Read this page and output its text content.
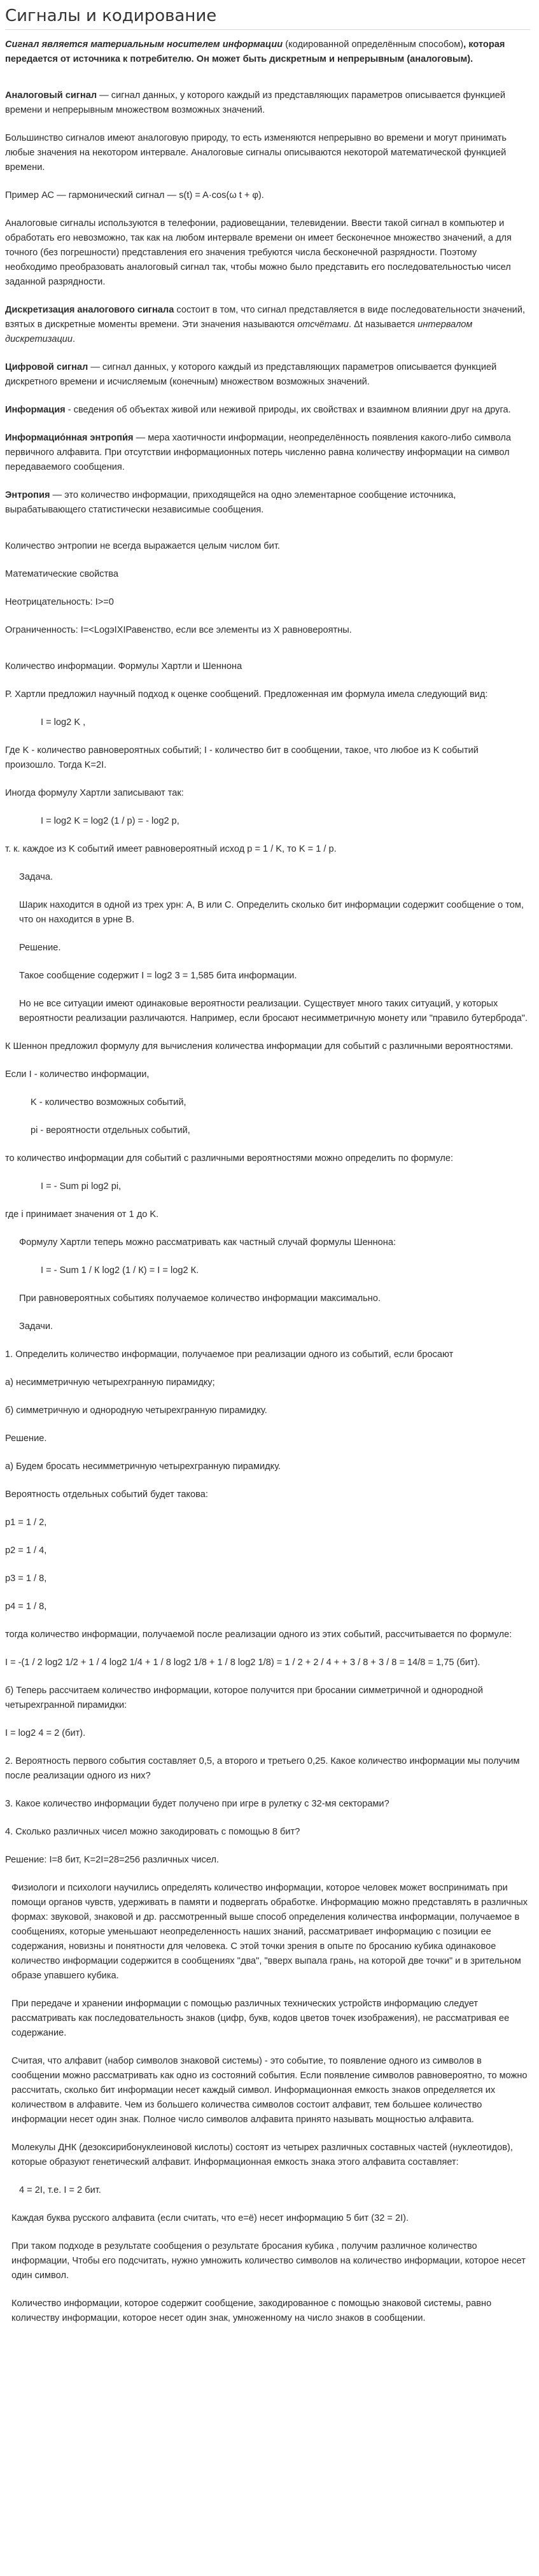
Сигналы и кодирование

Сигнал является материальным носителем информации (кодированной определённым способом), которая передается от источника к потребителю. Он может быть дискретным и непрерывным (аналоговым).

Аналоговый сигнал — сигнал данных, у которого каждый из представляющих параметров описывается функцией времени и непрерывным множеством возможных значений.

Большинство сигналов имеют аналоговую природу, то есть изменяются непрерывно во времени и могут принимать любые значения на некотором интервале. Аналоговые сигналы описываются некоторой математической функцией времени.

Пример АС — гармонический сигнал — s(t) = A·cos(ω t + φ).

Аналоговые сигналы используются в телефонии, радиовещании, телевидении. Ввести такой сигнал в компьютер и обработать его невозможно, так как на любом интервале времени он имеет бесконечное множество значений, а для точного (без погрешности) представления его значения требуются числа бесконечной разрядности. Поэтому необходимо преобразовать аналоговый сигнал так, чтобы можно было представить его последовательностью чисел заданной разрядности.

Дискретизация аналогового сигнала состоит в том, что сигнал представляется в виде последовательности значений, взятых в дискретные моменты времени. Эти значения называются отсчётами. Δt называется интервалом дискретизации.

Цифровой сигнал — сигнал данных, у которого каждый из представляющих параметров описывается функцией дискретного времени и исчисляемым (конечным) множеством возможных значений.

Информация - сведения об объектах живой или неживой природы, их свойствах и взаимном влиянии друг на друга.

Информацио́нная энтропи́я — мера хаотичности информации, неопределённость появления какого-либо символа первичного алфавита. При отсутствии информационных потерь численно равна количеству информации на символ передаваемого сообщения.

Энтропия — это количество информации, приходящейся на одно элементарное сообщение источника, вырабатывающего статистически независимые сообщения.

Количество энтропии не всегда выражается целым числом бит.

Математические свойства

Неотрицательность: I>=0

Ограниченность: I=<LogэIXIРавенство, если все элементы из X равновероятны.

Количество информации. Формулы Хартли и Шеннона

Р. Хартли предложил научный подход к оценке сообщений. Предложенная им формула имела следующий вид:

I = log2 K ,

Где K - количество равновероятных событий; I - количество бит в сообщении, такое, что любое из K событий произошло. Тогда K=2I.

Иногда формулу Хартли записывают так:

I = log2 K = log2 (1 / р) = - log2 р,

т. к. каждое из K событий имеет равновероятный исход р = 1 / K, то K = 1 / р.

Задача.

Шарик находится в одной из трех урн: А, В или С. Определить сколько бит информации содержит сообщение о том, что он находится в урне В.

Решение.

Такое сообщение содержит I = log2 3 = 1,585 бита информации.

Но не все ситуации имеют одинаковые вероятности реализации. Существует много таких ситуаций, у которых вероятности реализации различаются. Например, если бросают несимметричную монету или "правило бутерброда".

К Шеннон предложил формулу для вычисления количества информации для событий с различными вероятностями.

Если I - количество информации,

K - количество возможных событий,

рi - вероятности отдельных событий,

то количество информации для событий с различными вероятностями можно определить по формуле:

I = - Sum рi log2 рi,

где i принимает значения от 1 до K.

Формулу Хартли теперь можно рассматривать как частный случай формулы Шеннона:

I = - Sum 1 / К log2 (1 / К) = I = log2 К.

При равновероятных событиях получаемое количество информации максимально.

Задачи.

1. Определить количество информации, получаемое при реализации одного из событий, если бросают

а) несимметричную четырехгранную пирамидку;

б) симметричную и однородную четырехгранную пирамидку.

Решение.

а) Будем бросать несимметричную четырехгранную пирамидку.

Вероятность отдельных событий будет такова:

р1 = 1 / 2,

р2 = 1 / 4,

р3 = 1 / 8,

р4 = 1 / 8,

тогда количество информации, получаемой после реализации одного из этих событий, рассчитывается по формуле:

I = -(1 / 2 log2 1/2 + 1 / 4 log2 1/4 + 1 / 8 log2 1/8 + 1 / 8 log2 1/8) = 1 / 2 + 2 / 4 + + 3 / 8 + 3 / 8 = 14/8 = 1,75 (бит).

б) Теперь рассчитаем количество информации, которое получится при бросании симметричной и однородной четырехгранной пирамидки:

I = log2 4 = 2 (бит).

2. Вероятность первого события составляет 0,5, а второго и третьего 0,25. Какое количество информации мы получим после реализации одного из них?

3. Какое количество информации будет получено при игре в рулетку с 32-мя секторами?

4. Сколько различных чисел можно закодировать с помощью 8 бит?

Решение: I=8 бит, K=2I=28=256 различных чисел.

Физиологи и психологи научились определять количество информации, которое человек может воспринимать при помощи органов чувств, удерживать в памяти и подвергать обработке. Информацию можно представлять в различных формах: звуковой, знаковой и др. рассмотренный выше способ определения количества информации, получаемое в сообщениях, которые уменьшают неопределенность наших знаний, рассматривает информацию с позиции ее содержания, новизны и понятности для человека. С этой точки зрения в опыте по бросанию кубика одинаковое количество информации содержится в сообщениях "два", "вверх выпала грань, на которой две точки" и в зрительном образе упавшего кубика.

При передаче и хранении информации с помощью различных технических устройств информацию следует рассматривать как последовательность знаков (цифр, букв, кодов цветов точек изображения), не рассматривая ее содержание.

Считая, что алфавит (набор символов знаковой системы) - это событие, то появление одного из символов в сообщении можно рассматривать как одно из состояний события. Если появление символов равновероятно, то можно рассчитать, сколько бит информации несет каждый символ. Информационная емкость знаков определяется их количеством в алфавите. Чем из большего количества символов состоит алфавит, тем большее количество информации несет один знак. Полное число символов алфавита принято называть мощностью алфавита.

Молекулы ДНК (дезоксирибонуклеиновой кислоты) состоят из четырех различных составных частей (нуклеотидов), которые образуют генетический алфавит. Информационная емкость знака этого алфавита составляет:

4 = 2I, т.е. I = 2 бит.

Каждая буква русского алфавита (если считать, что е=ё) несет информацию 5 бит (32 = 2I).

При таком подходе в результате сообщения о результате бросания кубика , получим различное количество информации, Чтобы его подсчитать, нужно умножить количество символов на количество информации, которое несет один символ.

Количество информации, которое содержит сообщение, закодированное с помощью знаковой системы, равно количеству информации, которое несет один знак, умноженному на число знаков в сообщении.
